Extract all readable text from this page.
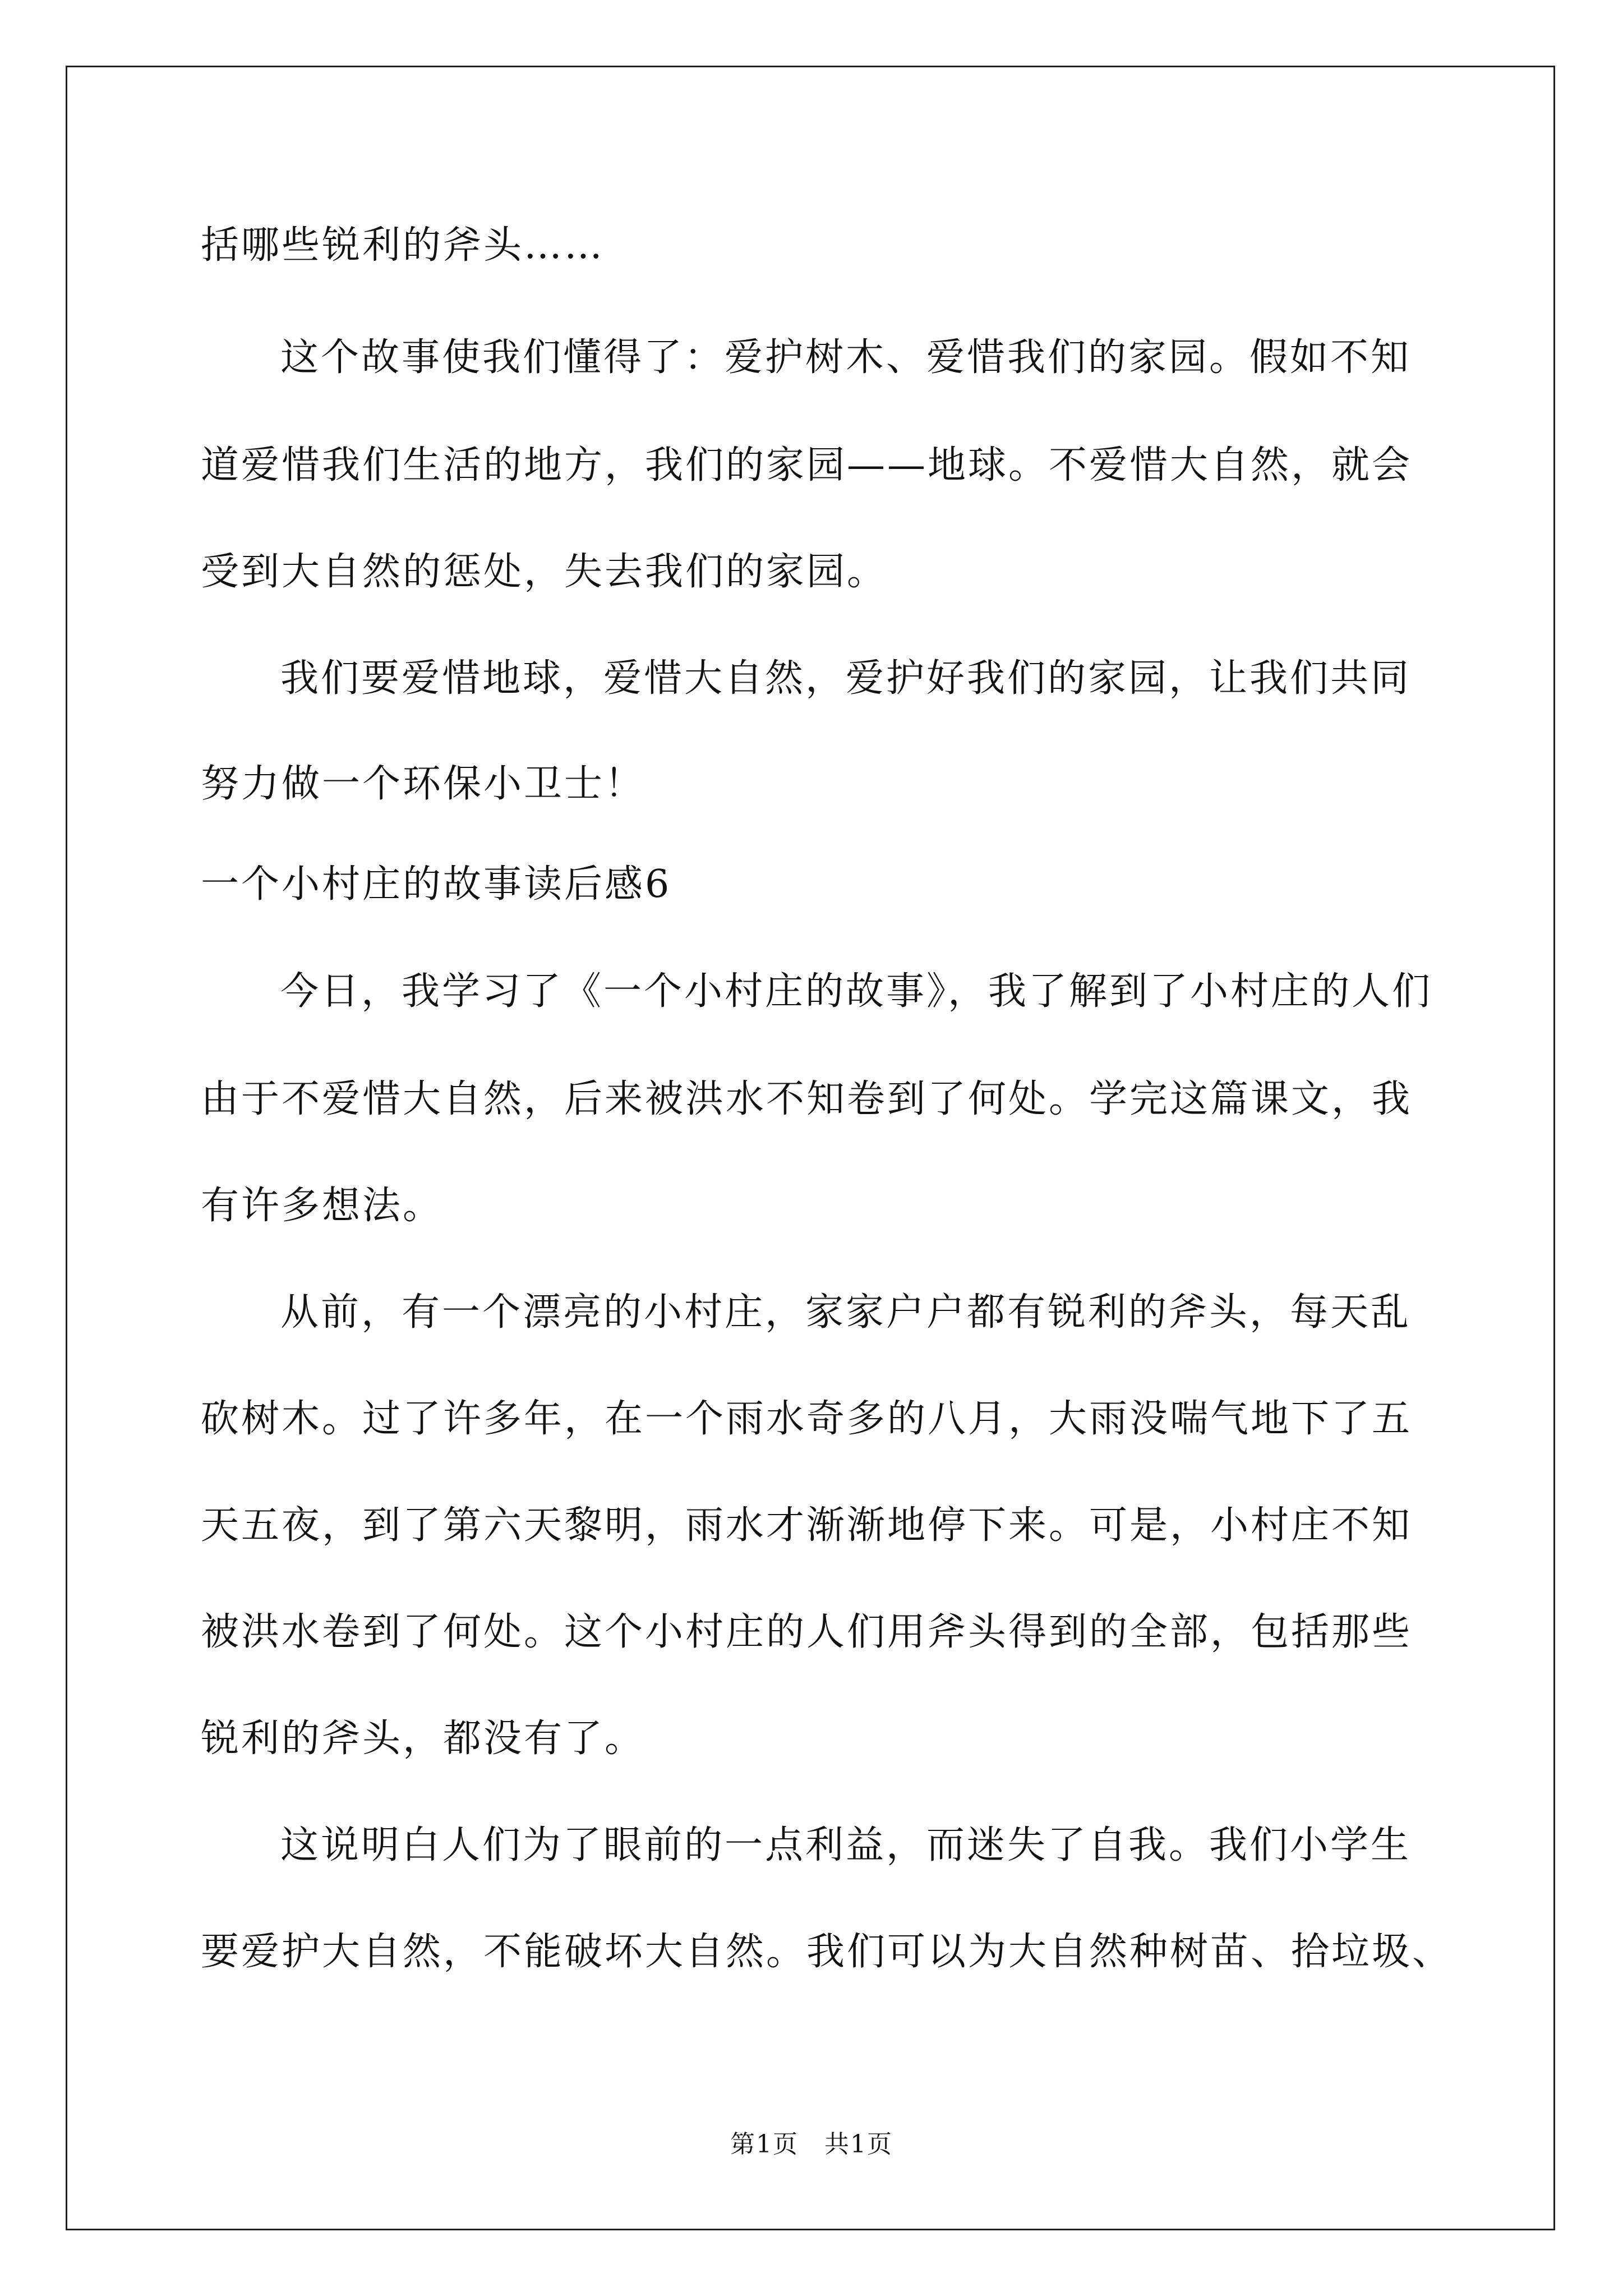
括哪些锐利的斧头……
这个故事使我们懂得了：爱护树木、爱惜我们的家园。假如不知
道爱惜我们生活的地方，我们的家园——地球。不爱惜大自然，就会
受到大自然的惩处，失去我们的家园。
我们要爱惜地球，爱惜大自然，爱护好我们的家园，让我们共同
努力做一个环保小卫士！
一个小村庄的故事读后感6
今日，我学习了《一个小村庄的故事》，我了解到了小村庄的人们
由于不爱惜大自然，后来被洪水不知卷到了何处。学完这篇课文，我
有许多想法。
从前，有一个漂亮的小村庄，家家户户都有锐利的斧头，每天乱
砍树木。过了许多年，在一个雨水奇多的八月，大雨没喘气地下了五
天五夜，到了第六天黎明，雨水才渐渐地停下来。可是，小村庄不知
被洪水卷到了何处。这个小村庄的人们用斧头得到的全部，包括那些
锐利的斧头，都没有了。
这说明白人们为了眼前的一点利益，而迷失了自我。我们小学生
要爱护大自然，不能破坏大自然。我们可以为大自然种树苗、拾垃圾、
第1页　共1页
